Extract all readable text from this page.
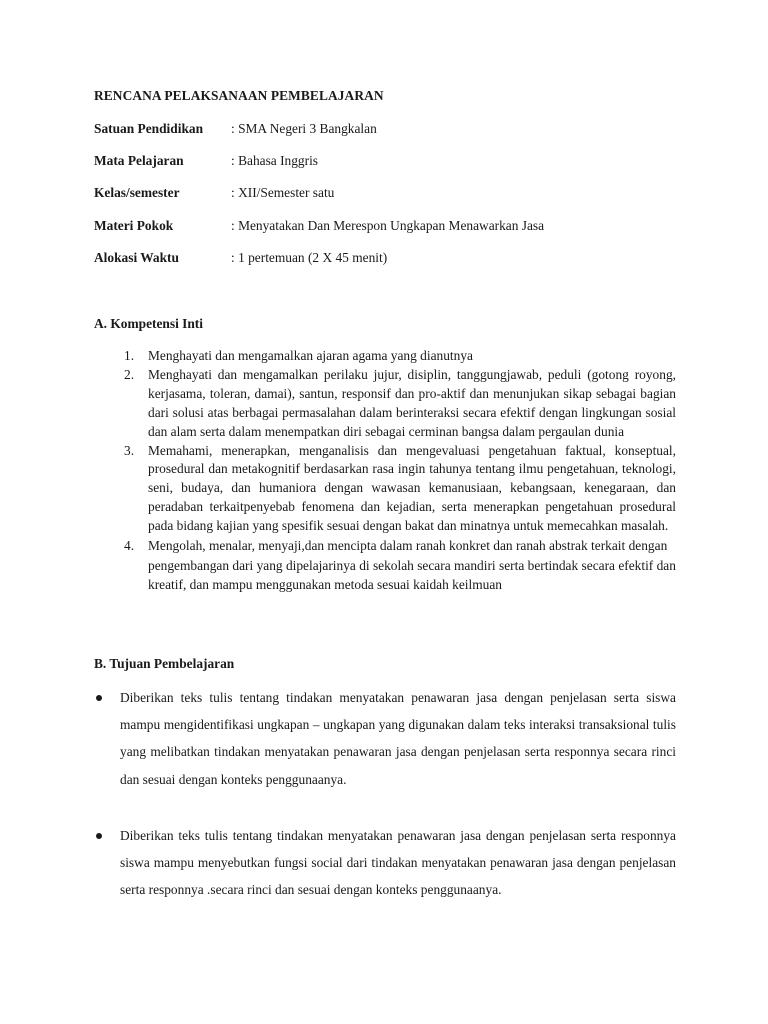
RENCANA PELAKSANAAN PEMBELAJARAN
Satuan Pendidikan : SMA Negeri 3 Bangkalan
Mata Pelajaran	: Bahasa Inggris
Kelas/semester	: XII/Semester satu
Materi Pokok	: Menyatakan Dan Merespon Ungkapan Menawarkan Jasa
Alokasi Waktu	: 1 pertemuan (2 X 45 menit)
A. Kompetensi Inti
1. Menghayati dan mengamalkan ajaran agama yang dianutnya
2. Menghayati dan mengamalkan perilaku jujur, disiplin, tanggungjawab, peduli (gotong royong, kerjasama, toleran, damai), santun, responsif dan pro-aktif dan menunjukan sikap sebagai bagian dari solusi atas berbagai permasalahan dalam berinteraksi secara efektif dengan lingkungan sosial dan alam serta dalam menempatkan diri sebagai cerminan bangsa dalam pergaulan dunia
3. Memahami, menerapkan, menganalisis dan mengevaluasi pengetahuan faktual, konseptual, prosedural dan metakognitif berdasarkan rasa ingin tahunya tentang ilmu pengetahuan, teknologi, seni, budaya, dan humaniora dengan wawasan kemanusiaan, kebangsaan, kenegaraan, dan peradaban terkaitpenyebab fenomena dan kejadian, serta menerapkan pengetahuan prosedural pada bidang kajian yang spesifik sesuai dengan bakat dan minatnya untuk memecahkan masalah.
4. Mengolah, menalar, menyaji,dan mencipta dalam ranah konkret dan ranah abstrak terkait dengan pengembangan dari yang dipelajarinya di sekolah secara mandiri serta bertindak secara efektif dan kreatif, dan mampu menggunakan metoda sesuai kaidah keilmuan
B. Tujuan Pembelajaran
Diberikan teks tulis tentang tindakan menyatakan penawaran jasa dengan penjelasan serta siswa mampu mengidentifikasi ungkapan – ungkapan yang digunakan dalam teks interaksi transaksional tulis yang melibatkan tindakan menyatakan penawaran jasa dengan penjelasan serta responnya secara rinci dan sesuai dengan konteks penggunaanya.
Diberikan teks tulis tentang tindakan menyatakan penawaran jasa dengan penjelasan serta responnya siswa mampu menyebutkan fungsi social dari tindakan menyatakan penawaran jasa dengan penjelasan serta responnya .secara rinci dan sesuai dengan konteks penggunaanya.
